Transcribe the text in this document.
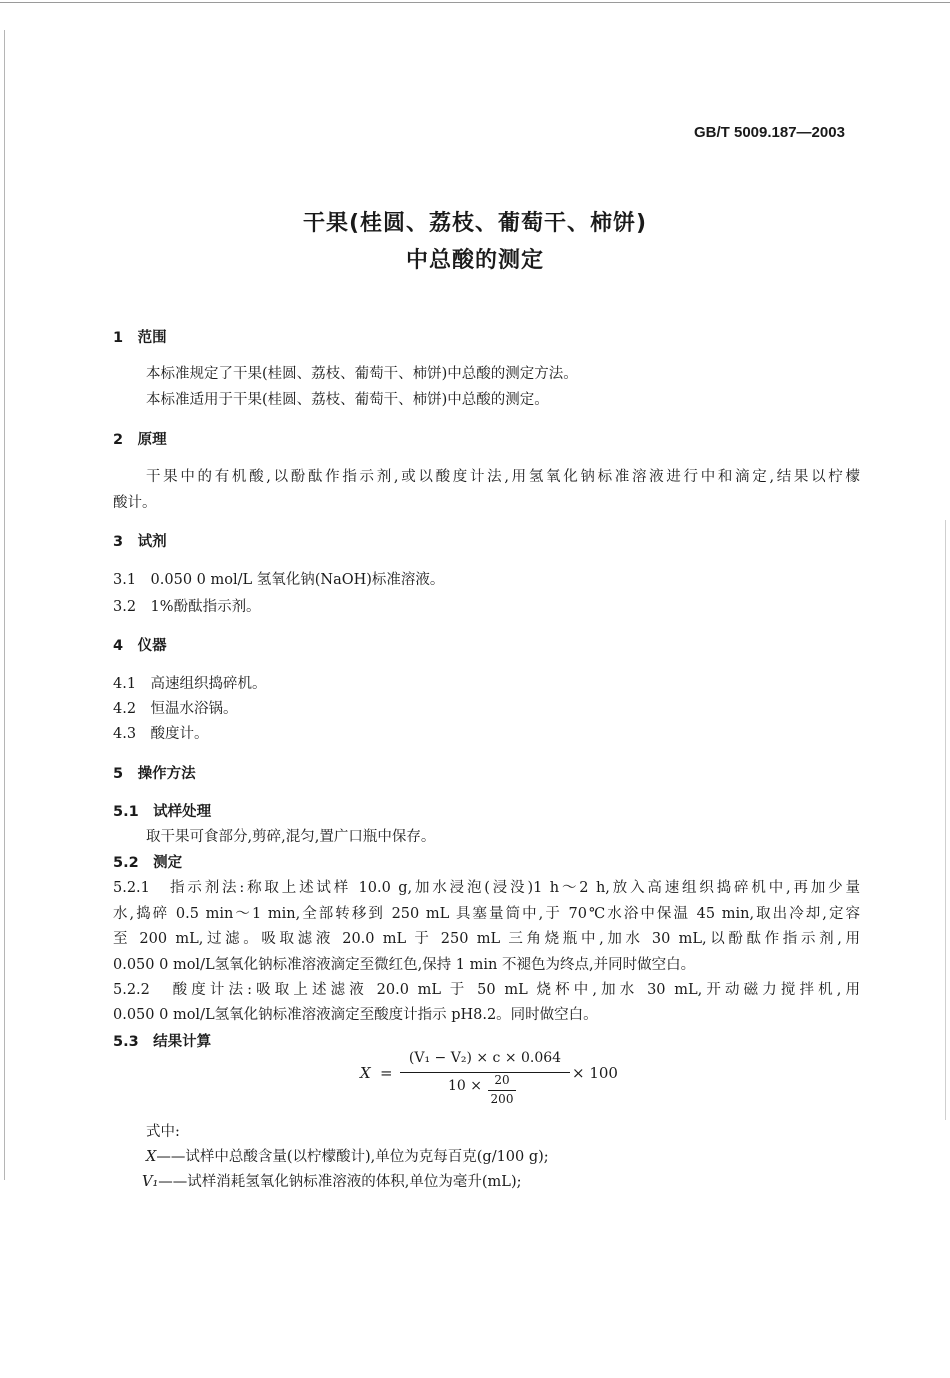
GB/T 5009.187—2003
干果(桂圆、荔枝、葡萄干、柿饼)
中总酸的测定
1　范围
本标准规定了干果(桂圆、荔枝、葡萄干、柿饼)中总酸的测定方法。
本标准适用于干果(桂圆、荔枝、葡萄干、柿饼)中总酸的测定。
2　原理
干果中的有机酸,以酚酞作指示剂,或以酸度计法,用氢氧化钠标准溶液进行中和滴定,结果以柠檬
酸计。
3　试剂
3.1　0.050 0 mol/L 氢氧化钠(NaOH)标准溶液。
3.2　1%酚酞指示剂。
4　仪器
4.1　高速组织捣碎机。
4.2　恒温水浴锅。
4.3　酸度计。
5　操作方法
5.1　试样处理
取干果可食部分,剪碎,混匀,置广口瓶中保存。
5.2　测定
5.2.1　指示剂法:称取上述试样 10.0 g,加水浸泡(浸没)1 h～2 h,放入高速组织捣碎机中,再加少量
水,捣碎 0.5 min～1 min,全部转移到 250 mL 具塞量筒中,于 70℃水浴中保温 45 min,取出冷却,定容
至 200 mL,过滤。吸取滤液 20.0 mL 于 250 mL 三角烧瓶中,加水 30 mL,以酚酞作指示剂,用
0.050 0 mol/L氢氧化钠标准溶液滴定至微红色,保持 1 min 不褪色为终点,并同时做空白。
5.2.2　酸度计法:吸取上述滤液 20.0 mL 于 50 mL 烧杯中,加水 30 mL,开动磁力搅拌机,用
0.050 0 mol/L氢氧化钠标准溶液滴定至酸度计指示 pH8.2。同时做空白。
5.3　结果计算
X =
(V₁ − V₂) × c × 0.064
10 ×	20
200
× 100
式中:
X——试样中总酸含量(以柠檬酸计),单位为克每百克(g/100 g);
V₁——试样消耗氢氧化钠标准溶液的体积,单位为毫升(mL);
